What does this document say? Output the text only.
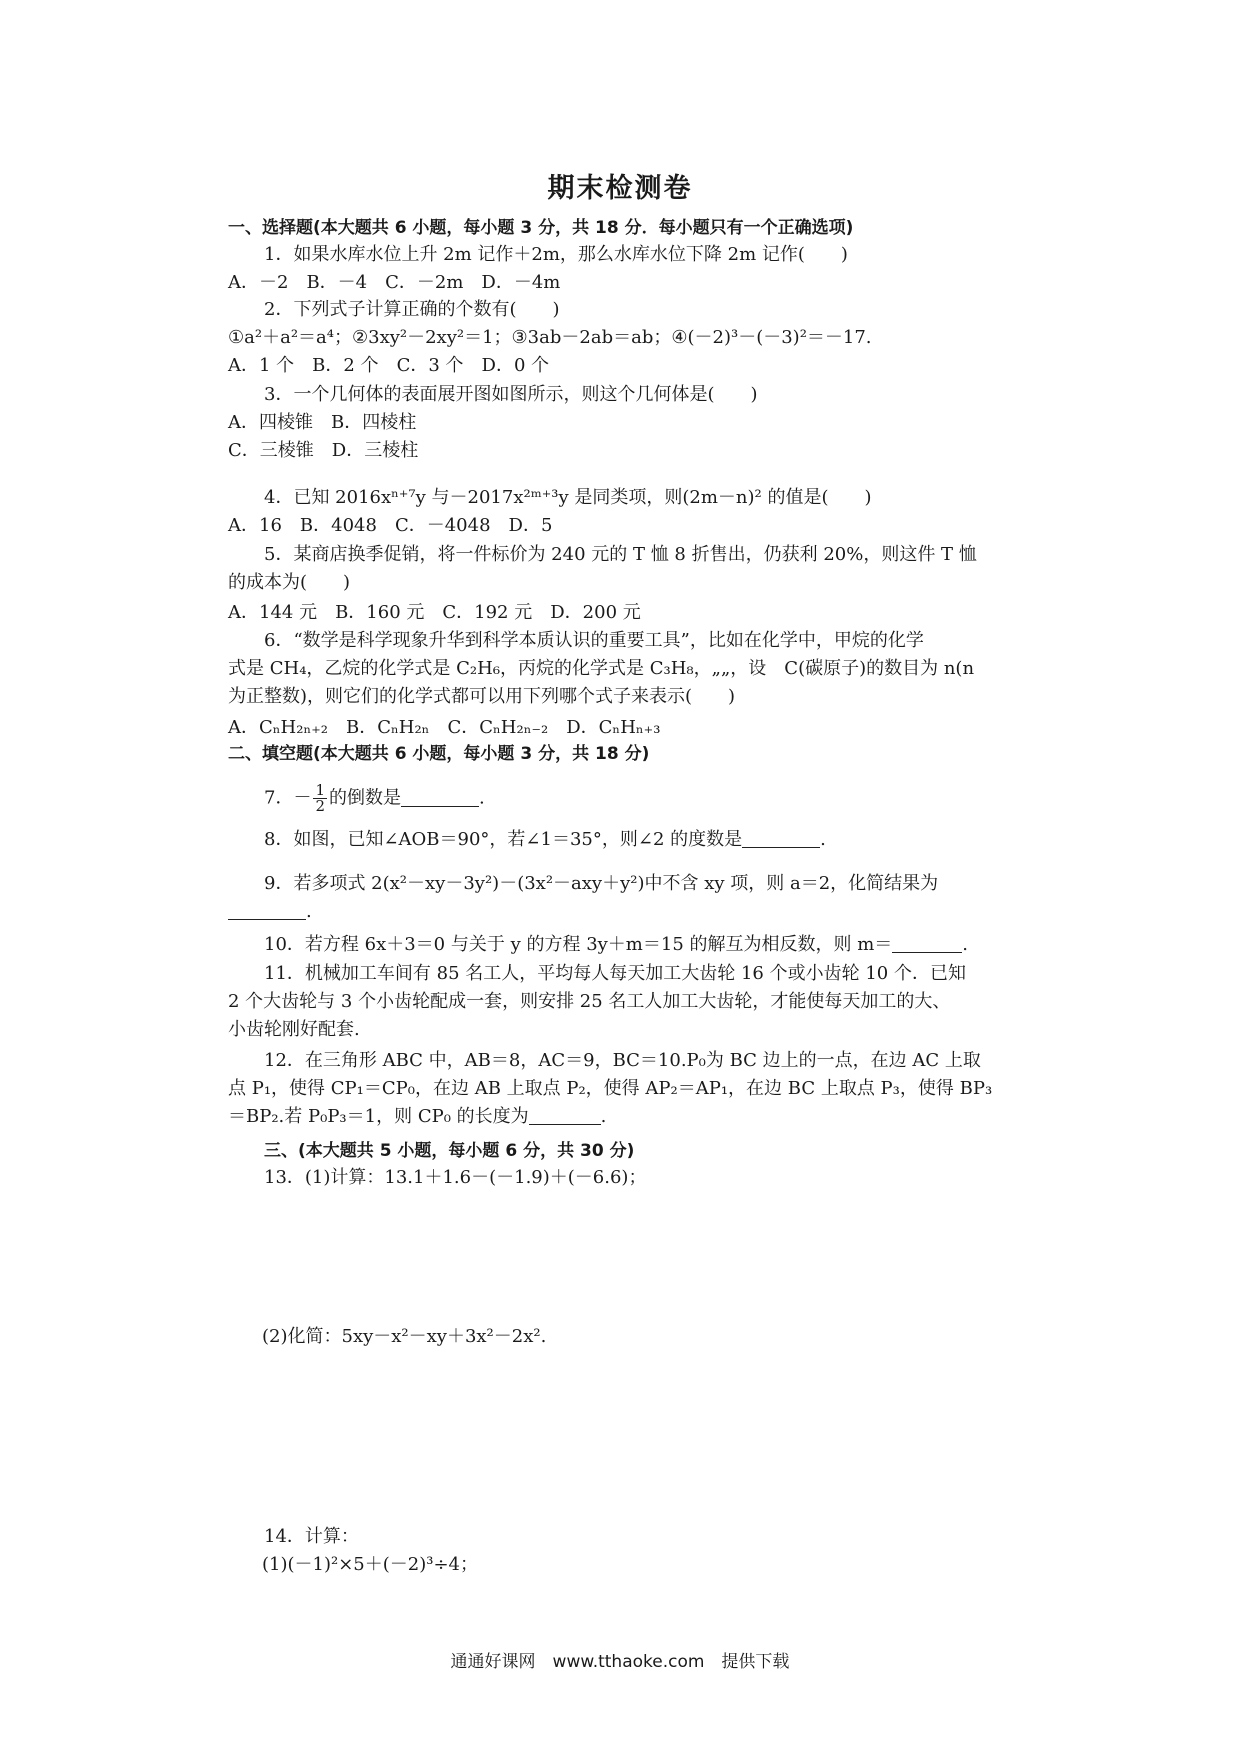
期末检测卷
一、选择题(本大题共 6 小题，每小题 3 分，共 18 分．每小题只有一个正确选项)
1．如果水库水位上升 2m 记作＋2m，那么水库水位下降 2m 记作(　　)
A．－2　B．－4　C．－2m　D．－4m
2．下列式子计算正确的个数有(　　)
①a²＋a²＝a⁴；②3xy²－2xy²＝1；③3ab－2ab＝ab；④(－2)³－(－3)²＝－17.
A．1 个　B．2 个　C．3 个　D．0 个
3．一个几何体的表面展开图如图所示，则这个几何体是(　　)
A．四棱锥　B．四棱柱
C．三棱锥　D．三棱柱
4．已知 2016xⁿ⁺⁷y 与－2017x²ᵐ⁺³y 是同类项，则(2m－n)² 的值是(　　)
A．16　B．4048　C．－4048　D．5
5．某商店换季促销，将一件标价为 240 元的 T 恤 8 折售出，仍获利 20%，则这件 T 恤
的成本为(　　)
A．144 元　B．160 元　C．192 元　D．200 元
6．“数学是科学现象升华到科学本质认识的重要工具”，比如在化学中，甲烷的化学
式是 CH₄，乙烷的化学式是 C₂H₆，丙烷的化学式是 C₃H₈，„„，设　C(碳原子)的数目为 n(n
为正整数)，则它们的化学式都可以用下列哪个式子来表示(　　)
A．CₙH₂ₙ₊₂　B．CₙH₂ₙ　C．CₙH₂ₙ₋₂　D．CₙHₙ₊₃
二、填空题(本大题共 6 小题，每小题 3 分，共 18 分)
7．－ $\frac{1}{2}$ 的倒数是	.
8．如图，已知∠AOB＝90°，若∠1＝35°，则∠2 的度数是	.
9．若多项式 2(x²－xy－3y²)－(3x²－axy＋y²)中不含 xy 项，则 a＝2，化简结果为
.
10．若方程 6x＋3＝0 与关于 y 的方程 3y＋m＝15 的解互为相反数，则 m＝	.
11．机械加工车间有 85 名工人，平均每人每天加工大齿轮 16 个或小齿轮 10 个．已知
2 个大齿轮与 3 个小齿轮配成一套，则安排 25 名工人加工大齿轮，才能使每天加工的大、
小齿轮刚好配套.
12．在三角形 ABC 中，AB＝8，AC＝9，BC＝10.P₀为 BC 边上的一点，在边 AC 上取
点 P₁，使得 CP₁＝CP₀，在边 AB 上取点 P₂，使得 AP₂＝AP₁，在边 BC 上取点 P₃，使得 BP₃
＝BP₂.若 P₀P₃＝1，则 CP₀ 的长度为	.
三、(本大题共 5 小题，每小题 6 分，共 30 分)
13．(1)计算：13.1＋1.6－(－1.9)＋(－6.6)；
(2)化简：5xy－x²－xy＋3x²－2x².
14．计算：
(1)(－1)²×5＋(－2)³÷4；
通通好课网　www.tthaoke.com　提供下载
